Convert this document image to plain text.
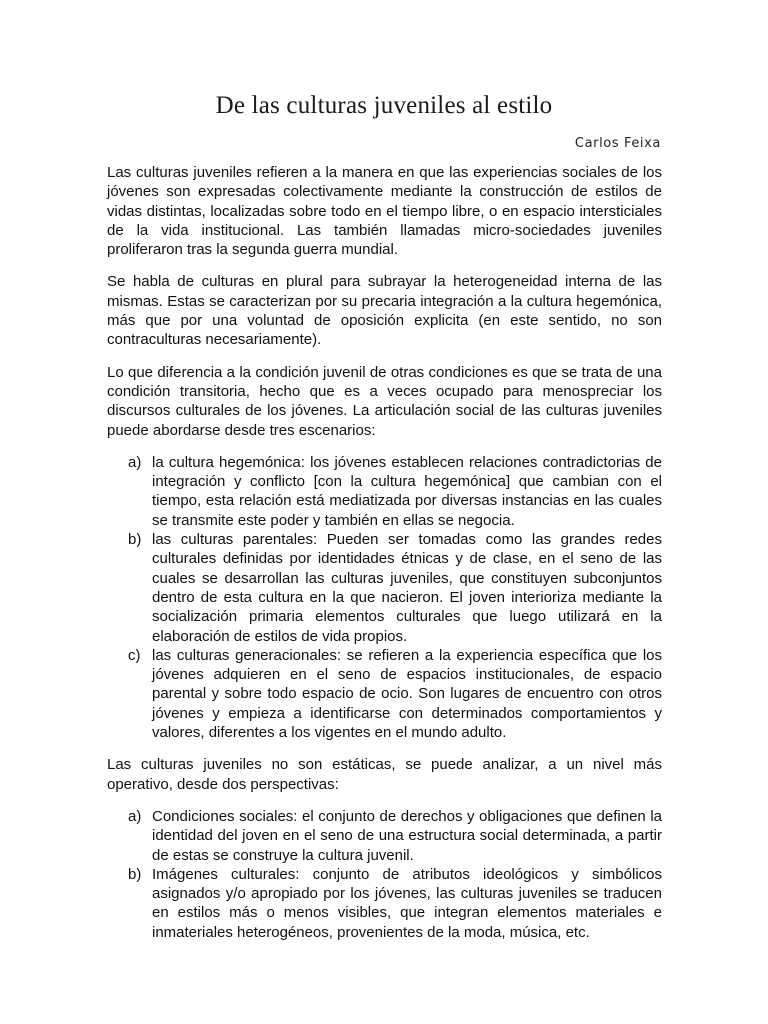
De las culturas juveniles al estilo
Carlos Feixa

Las culturas juveniles refieren a la manera en que las experiencias sociales de los jóvenes son expresadas colectivamente mediante la construcción de estilos de vidas distintas, localizadas sobre todo en el tiempo libre, o en espacio intersticiales de la vida institucional. Las también llamadas micro-sociedades juveniles proliferaron tras la segunda guerra mundial.

Se habla de culturas en plural para subrayar la heterogeneidad interna de las mismas. Estas se caracterizan por su precaria integración a la cultura hegemónica, más que por una voluntad de oposición explicita (en este sentido, no son contraculturas necesariamente).

Lo que diferencia a la condición juvenil de otras condiciones es que se trata de una condición transitoria, hecho que es a veces ocupado para menospreciar los discursos culturales de los jóvenes. La articulación social de las culturas juveniles puede abordarse desde tres escenarios:

a) la cultura hegemónica: los jóvenes establecen relaciones contradictorias de integración y conflicto [con la cultura hegemónica] que cambian con el tiempo, esta relación está mediatizada por diversas instancias en las cuales se transmite este poder y también en ellas se negocia.
b) las culturas parentales: Pueden ser tomadas como las grandes redes culturales definidas por identidades étnicas y de clase, en el seno de las cuales se desarrollan las culturas juveniles, que constituyen subconjuntos dentro de esta cultura en la que nacieron. El joven interioriza mediante la socialización primaria elementos culturales que luego utilizará en la elaboración de estilos de vida propios.
c) las culturas generacionales: se refieren a la experiencia específica que los jóvenes adquieren en el seno de espacios institucionales, de espacio parental y sobre todo espacio de ocio. Son lugares de encuentro con otros jóvenes y empieza a identificarse con determinados comportamientos y valores, diferentes a los vigentes en el mundo adulto.

Las culturas juveniles no son estáticas, se puede analizar, a un nivel más operativo, desde dos perspectivas:

a) Condiciones sociales: el conjunto de derechos y obligaciones que definen la identidad del joven en el seno de una estructura social determinada, a partir de estas se construye la cultura juvenil.
b) Imágenes culturales: conjunto de atributos ideológicos y simbólicos asignados y/o apropiado por los jóvenes, las culturas juveniles se traducen en estilos más o menos visibles, que integran elementos materiales e inmateriales heterogéneos, provenientes de la moda, música, etc.
